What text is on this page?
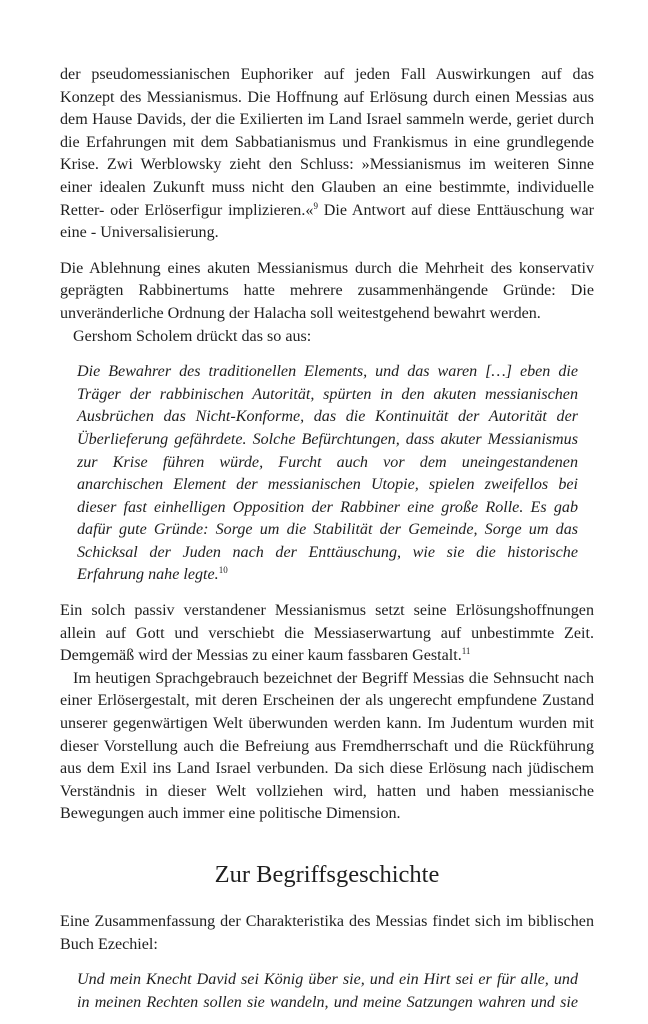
der pseudomessianischen Euphoriker auf jeden Fall Auswirkungen auf das Konzept des Messianismus. Die Hoffnung auf Erlösung durch einen Messias aus dem Hause Davids, der die Exilierten im Land Israel sammeln werde, geriet durch die Erfahrungen mit dem Sabbatianismus und Frankismus in eine grundlegende Krise. Zwi Werblowsky zieht den Schluss: »Messianismus im weiteren Sinne einer idealen Zukunft muss nicht den Glauben an eine bestimmte, individuelle Retter- oder Erlöserfigur implizieren.«$^9$ Die Antwort auf diese Enttäuschung war eine - Universalisierung.

Die Ablehnung eines akuten Messianismus durch die Mehrheit des konservativ geprägten Rabbinertums hatte mehrere zusammenhängende Gründe: Die unveränderliche Ordnung der Halacha soll weitestgehend bewahrt werden.

Gershom Scholem drückt das so aus:

Die Bewahrer des traditionellen Elements, und das waren […] eben die Träger der rabbinischen Autorität, spürten in den akuten messianischen Ausbrüchen das Nicht-Konforme, das die Kontinuität der Autorität der Überlieferung gefährdete. Solche Befürchtungen, dass akuter Messianismus zur Krise führen würde, Furcht auch vor dem uneingestandenen anarchischen Element der messianischen Utopie, spielen zweifellos bei dieser fast einhelligen Opposition der Rabbiner eine große Rolle. Es gab dafür gute Gründe: Sorge um die Stabilität der Gemeinde, Sorge um das Schicksal der Juden nach der Enttäuschung, wie sie die historische Erfahrung nahe legte.$^{10}$

Ein solch passiv verstandener Messianismus setzt seine Erlösungshoffnungen allein auf Gott und verschiebt die Messiaserwartung auf unbestimmte Zeit. Demgemäß wird der Messias zu einer kaum fassbaren Gestalt.$^{11}$

Im heutigen Sprachgebrauch bezeichnet der Begriff Messias die Sehnsucht nach einer Erlösergestalt, mit deren Erscheinen der als ungerecht empfundene Zustand unserer gegenwärtigen Welt überwunden werden kann. Im Judentum wurden mit dieser Vorstellung auch die Befreiung aus Fremdherrschaft und die Rückführung aus dem Exil ins Land Israel verbunden. Da sich diese Erlösung nach jüdischem Verständnis in dieser Welt vollziehen wird, hatten und haben messianische Bewegungen auch immer eine politische Dimension.

Zur Begriffsgeschichte

Eine Zusammenfassung der Charakteristika des Messias findet sich im biblischen Buch Ezechiel:

Und mein Knecht David sei König über sie, und ein Hirt sei er für alle, und in meinen Rechten sollen sie wandeln, und meine Satzungen wahren und sie
